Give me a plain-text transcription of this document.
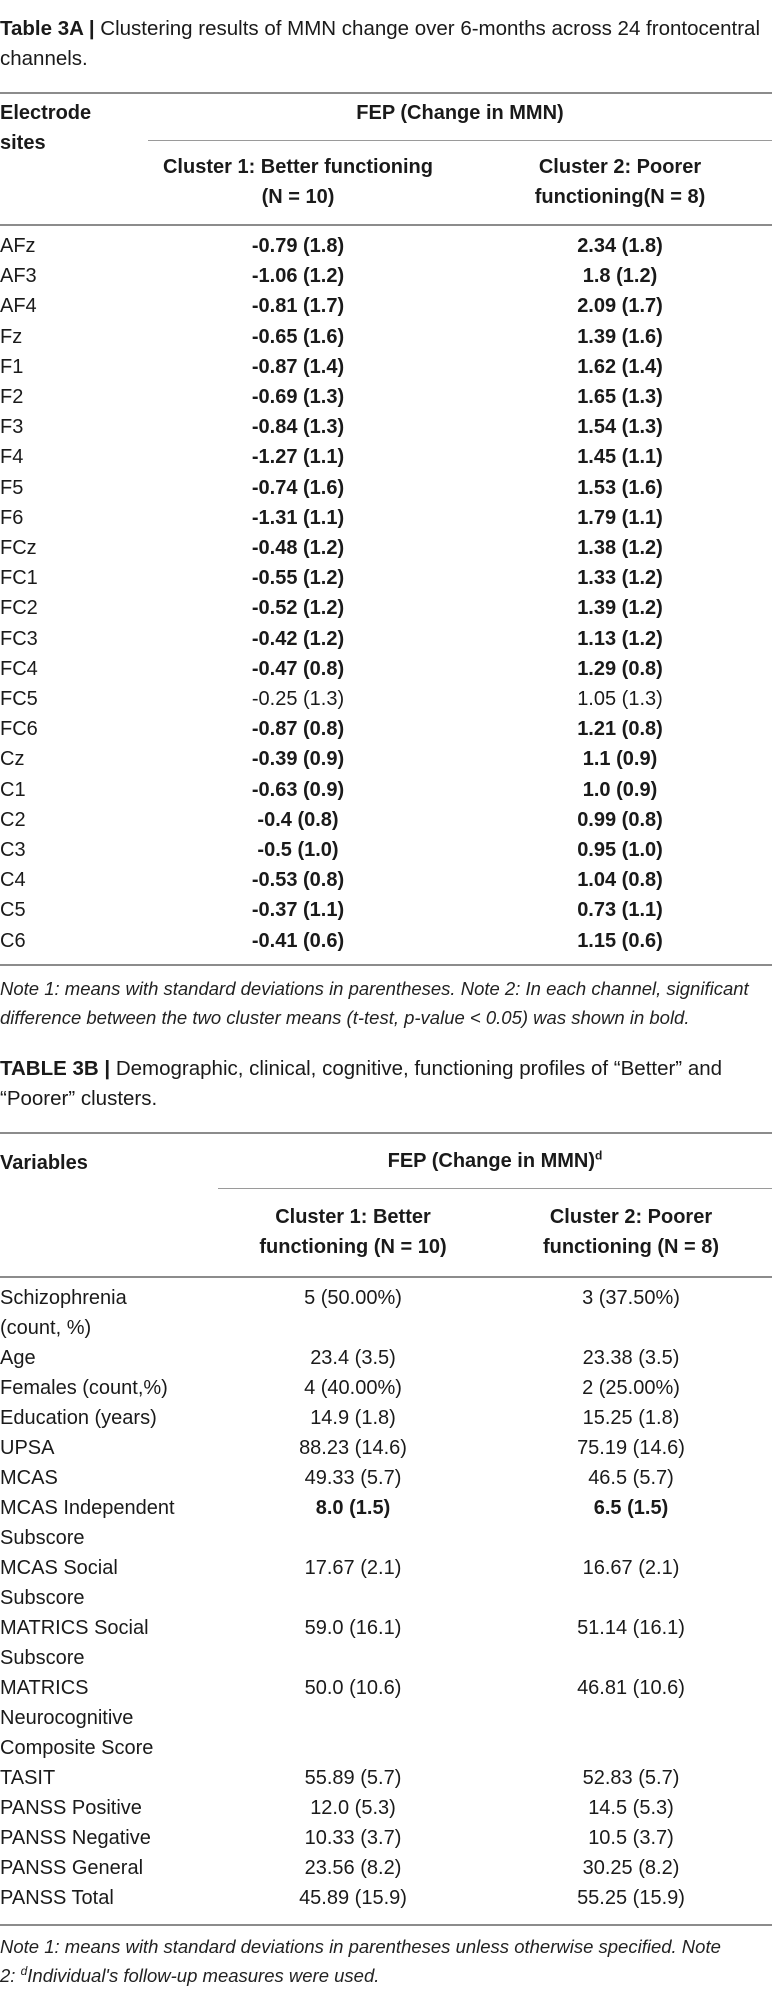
Table 3A | Clustering results of MMN change over 6-months across 24 frontocentral channels.
Electrode
sites
FEP (Change in MMN)
Cluster 1: Better functioning
(N = 10)
Cluster 2: Poorer
functioning(N = 8)
AFz	-0.79 (1.8)	2.34 (1.8)
AF3	-1.06 (1.2)	1.8 (1.2)
AF4	-0.81 (1.7)	2.09 (1.7)
Fz	-0.65 (1.6)	1.39 (1.6)
F1	-0.87 (1.4)	1.62 (1.4)
F2	-0.69 (1.3)	1.65 (1.3)
F3	-0.84 (1.3)	1.54 (1.3)
F4	-1.27 (1.1)	1.45 (1.1)
F5	-0.74 (1.6)	1.53 (1.6)
F6	-1.31 (1.1)	1.79 (1.1)
FCz	-0.48 (1.2)	1.38 (1.2)
FC1	-0.55 (1.2)	1.33 (1.2)
FC2	-0.52 (1.2)	1.39 (1.2)
FC3	-0.42 (1.2)	1.13 (1.2)
FC4	-0.47 (0.8)	1.29 (0.8)
FC5	-0.25 (1.3)	1.05 (1.3)
FC6	-0.87 (0.8)	1.21 (0.8)
Cz	-0.39 (0.9)	1.1 (0.9)
C1	-0.63 (0.9)	1.0 (0.9)
C2	-0.4 (0.8)	0.99 (0.8)
C3	-0.5 (1.0)	0.95 (1.0)
C4	-0.53 (0.8)	1.04 (0.8)
C5	-0.37 (1.1)	0.73 (1.1)
C6	-0.41 (0.6)	1.15 (0.6)
Note 1: means with standard deviations in parentheses. Note 2: In each channel, significant
difference between the two cluster means (t-test, p-value < 0.05) was shown in bold.
TABLE 3B | Demographic, clinical, cognitive, functioning profiles of “Better” and “Poorer” clusters.
Variables	FEP (Change in MMN)$^d$
Cluster 1: Better
functioning (N = 10)
Cluster 2: Poorer
functioning (N = 8)
Schizophrenia
(count, %)
5 (50.00%)	3 (37.50%)
Age	23.4 (3.5)	23.38 (3.5)
Females (count,%)	4 (40.00%)	2 (25.00%)
Education (years)	14.9 (1.8)	15.25 (1.8)
UPSA	88.23 (14.6)	75.19 (14.6)
MCAS	49.33 (5.7)	46.5 (5.7)
MCAS Independent
Subscore
8.0 (1.5)	6.5 (1.5)
MCAS Social
Subscore
17.67 (2.1)	16.67 (2.1)
MATRICS Social
Subscore
59.0 (16.1)	51.14 (16.1)
MATRICS
Neurocognitive
Composite Score
50.0 (10.6)	46.81 (10.6)
TASIT	55.89 (5.7)	52.83 (5.7)
PANSS Positive	12.0 (5.3)	14.5 (5.3)
PANSS Negative	10.33 (3.7)	10.5 (3.7)
PANSS General	23.56 (8.2)	30.25 (8.2)
PANSS Total	45.89 (15.9)	55.25 (15.9)
Note 1: means with standard deviations in parentheses unless otherwise specified. Note
2: $^d$Individual's follow-up measures were used.
